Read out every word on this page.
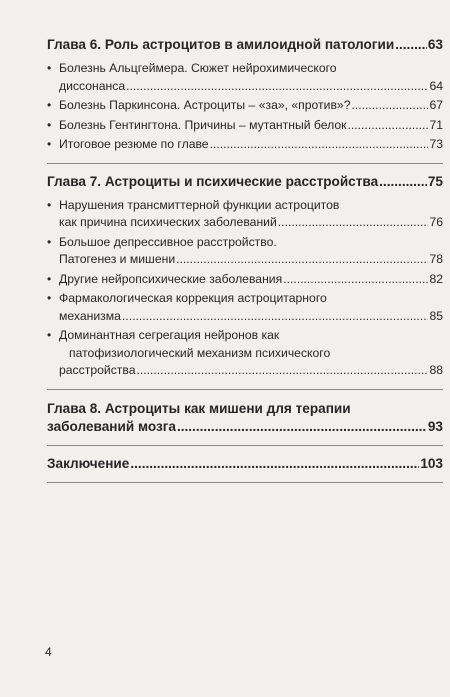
Глава 6. Роль астроцитов в амилоидной патологии ..... 63
• Болезнь Альцгеймера. Сюжет нейрохимического
диссонанса .....	64
• Болезнь Паркинсона. Астроциты – «за», «против»? .....	67
• Болезнь Гентингтона. Причины – мутантный белок .....	71
• Итоговое резюме по главе .....	73
Глава 7. Астроциты и психические расстройства .....	75
• Нарушения трансмиттерной функции астроцитов
как причина психических заболеваний .....	76
• Большое депрессивное расстройство.
Патогенез и мишени .....	78
• Другие нейропсихические заболевания .....	82
• Фармакологическая коррекция астроцитарного
механизма .....	85
• Доминантная сегрегация нейронов как
патофизиологический механизм психического
расстройства .....	88
Глава 8. Астроциты как мишени для терапии
заболеваний мозга .....	93
Заключение .....	103
4
